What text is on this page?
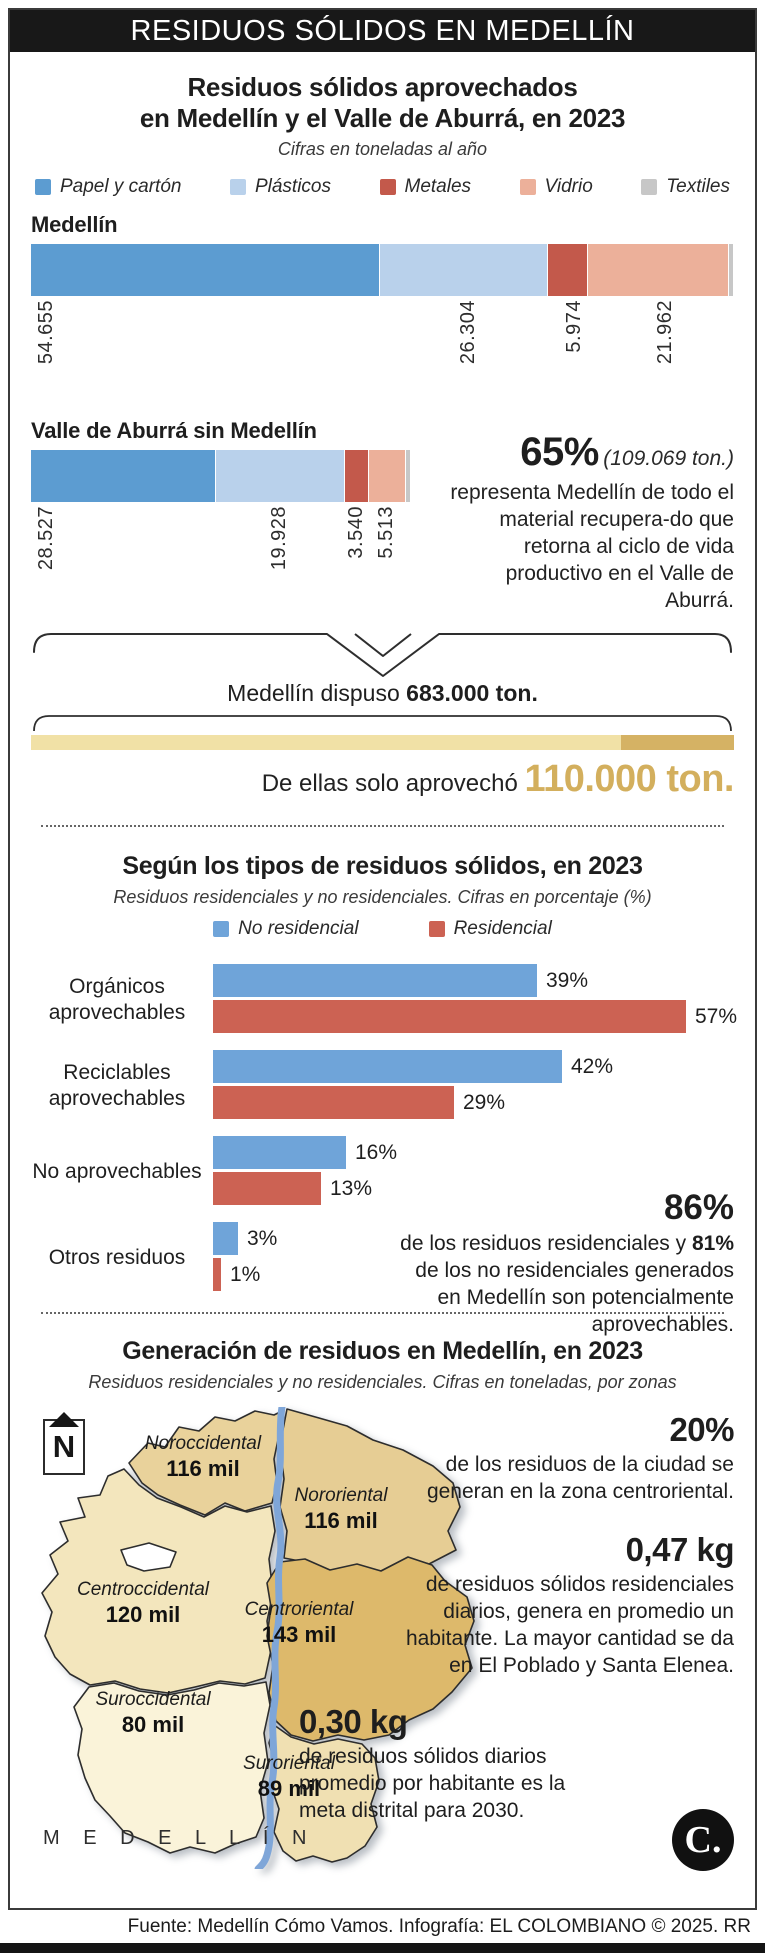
RESIDUOS SÓLIDOS EN MEDELLÍN
Residuos sólidos aprovechados
en Medellín y el Valle de Aburrá, en 2023
Cifras en toneladas al año
Papel y cartón	Plásticos	Metales	Vidrio	Textiles
Medellín
54.655	26.304	5.974	21.962
Valle de Aburrá sin Medellín
28.527	19.928	3.540 5.513
65% (109.069 ton.)
representa Medellín de todo el material recupera-do que retorna al ciclo de vida productivo en el Valle de Aburrá.
Medellín dispuso 683.000 ton.
De ellas solo aprovechó 110.000 ton.
Según los tipos de residuos sólidos, en 2023
Residuos residenciales y no residenciales. Cifras en porcentaje (%)
No residencial	Residencial
86%
de los residuos residenciales y 81% de los no residenciales generados en Medellín son potencialmente aprovechables.
Orgánicos aprovechables
39%
57%
Reciclables aprovechables
42%
29%
No aprovechables
16%
13%
Otros residuos
3%
1%
Generación de residuos en Medellín, en 2023
Residuos residenciales y no residenciales. Cifras en toneladas, por zonas
N	Noroccidental
116 mil
Nororiental
116 mil
Centroccidental
120 mil	Centroriental
143 mil
Suroccidental
80 mil
Suroriental
89 mil
M E D E L L Í N
20%
de los residuos de la ciudad se generan en la zona centroriental.
0,47 kg
de residuos sólidos residenciales diarios, genera en promedio un habitante. La mayor cantidad se da en El Poblado y Santa Elenea.
0,30 kg
de residuos sólidos diarios promedio por habitante es la meta distrital para 2030.
C.
Fuente: Medellín Cómo Vamos. Infografía: EL COLOMBIANO © 2025. RR
